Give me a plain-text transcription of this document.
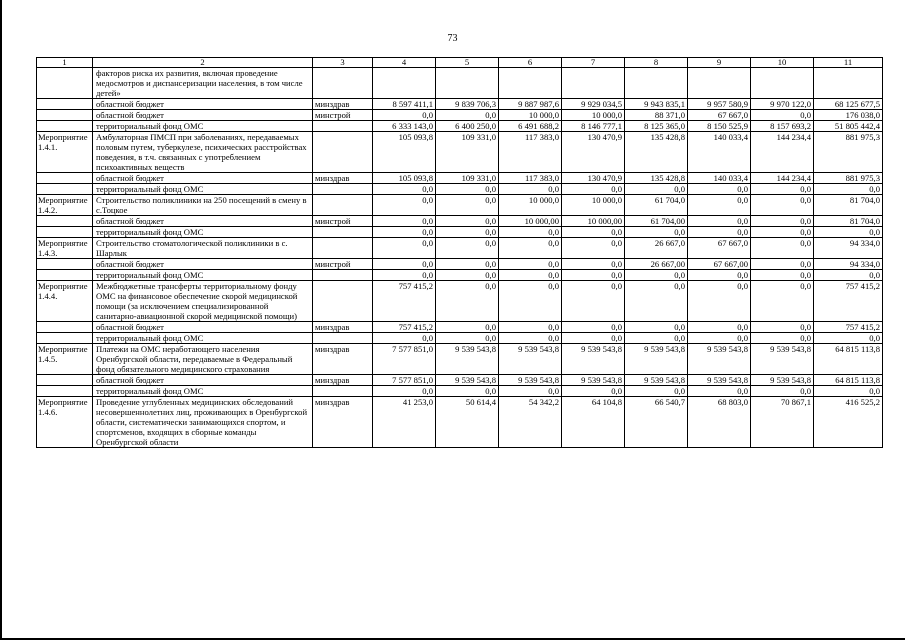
73
1	2	3	4	5	6	7	8	9	10	11
	факторов риска их развития, включая проведение медосмотров и диспансеризации населения, в том числе детей»									
	областной бюджет	минздрав	8 597 411,1	9 839 706,3	9 887 987,6	9 929 034,5	9 943 835,1	9 957 580,9	9 970 122,0	68 125 677,5
	областной бюджет	минстрой	0,0	0,0	10 000,0	10 000,0	88 371,0	67 667,0	0,0	176 038,0
	территориальный фонд ОМС		6 333 143,0	6 400 250,0	6 491 688,2	8 146 777,1	8 125 365,0	8 150 525,9	8 157 693,2	51 805 442,4
Мероприятие 1.4.1.	Амбулаторная ПМСП при заболеваниях, передаваемых половым путем, туберкулезе, психических расстройствах поведения, в т.ч. связанных с употреблением психоактивных веществ		105 093,8	109 331,0	117 383,0	130 470,9	135 428,8	140 033,4	144 234,4	881 975,3
	областной бюджет	минздрав	105 093,8	109 331,0	117 383,0	130 470,9	135 428,8	140 033,4	144 234,4	881 975,3
	территориальный фонд ОМС		0,0	0,0	0,0	0,0	0,0	0,0	0,0	0,0
Мероприятие 1.4.2.	Строительство поликлиники на 250 посещений в смену в с.Тоцкое		0,0	0,0	10 000,0	10 000,0	61 704,0	0,0	0,0	81 704,0
	областной бюджет	минстрой	0,0	0,0	10 000,00	10 000,00	61 704,00	0,0	0,0	81 704,0
	территориальный фонд ОМС		0,0	0,0	0,0	0,0	0,0	0,0	0,0	0,0
Мероприятие 1.4.3.	Строительство стоматологической поликлиники в с. Шарлык		0,0	0,0	0,0	0,0	26 667,0	67 667,0	0,0	94 334,0
	областной бюджет	минстрой	0,0	0,0	0,0	0,0	26 667,00	67 667,00	0,0	94 334,0
	территориальный фонд ОМС		0,0	0,0	0,0	0,0	0,0	0,0	0,0	0,0
Мероприятие 1.4.4.	Межбюджетные трансферты территориальному фонду ОМС на финансовое обеспечение скорой медицинской помощи (за исключением специализированной санитарно-авиационной скорой медицинской помощи)		757 415,2	0,0	0,0	0,0	0,0	0,0	0,0	757 415,2
	областной бюджет	минздрав	757 415,2	0,0	0,0	0,0	0,0	0,0	0,0	757 415,2
	территориальный фонд ОМС		0,0	0,0	0,0	0,0	0,0	0,0	0,0	0,0
Мероприятие 1.4.5.	Платежи на ОМС неработающего населения Оренбургской области, передаваемые в Федеральный фонд обязательного медицинского страхования	минздрав	7 577 851,0	9 539 543,8	9 539 543,8	9 539 543,8	9 539 543,8	9 539 543,8	9 539 543,8	64 815 113,8
	областной бюджет	минздрав	7 577 851,0	9 539 543,8	9 539 543,8	9 539 543,8	9 539 543,8	9 539 543,8	9 539 543,8	64 815 113,8
	территориальный фонд ОМС		0,0	0,0	0,0	0,0	0,0	0,0	0,0	0,0
Мероприятие 1.4.6.	Проведение углубленных медицинских обследований несовершеннолетних лиц, проживающих в Оренбургской области, систематически занимающихся спортом, и спортсменов, входящих в сборные команды Оренбургской области	минздрав	41 253,0	50 614,4	54 342,2	64 104,8	66 540,7	68 803,0	70 867,1	416 525,2
